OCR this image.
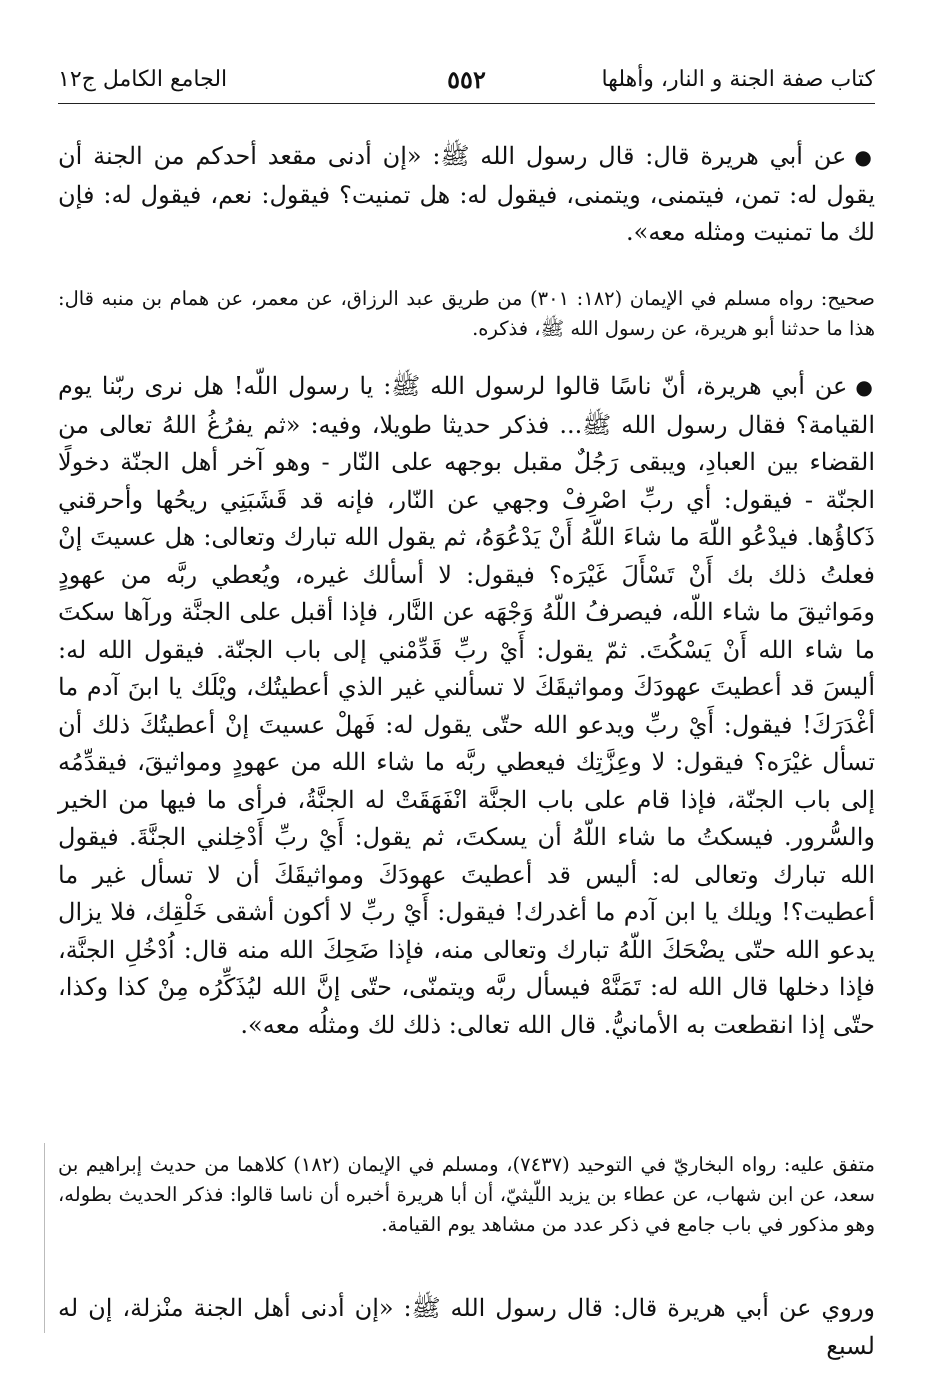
كتاب صفة الجنة و النار، وأهلها
٥٥٢
الجامع الكامل ج١٢
●عن أبي هريرة قال: قال رسول الله ﷺ: «إن أدنى مقعد أحدكم من الجنة أن يقول له: تمن، فيتمنى، ويتمنى، فيقول له: هل تمنيت؟ فيقول: نعم، فيقول له: فإن لك ما تمنيت ومثله معه».
صحيح: رواه مسلم في الإيمان (١٨٢: ٣٠١) من طريق عبد الرزاق، عن معمر، عن همام بن منبه قال: هذا ما حدثنا أبو هريرة، عن رسول الله ﷺ، فذكره.
●عن أبي هريرة، أنّ ناسًا قالوا لرسول الله ﷺ: يا رسول اللّه! هل نرى ربّنا يوم القيامة؟ فقال رسول الله ﷺ... فذكر حديثا طويلا، وفيه: «ثم يفرُغُ اللهُ تعالى من القضاء بين العبادِ، ويبقى رَجُلٌ مقبل بوجهه على النّار - وهو آخر أهل الجنّة دخولًا الجنّة - فيقول: أي ربِّ اصْرِفْ وجهي عن النّار، فإنه قد قَشَبَنِي ريحُها وأحرقني ذَكاؤُها. فيدْعُو اللّهَ ما شاءَ اللّهُ أَنْ يَدْعُوَهُ، ثم يقول الله تبارك وتعالى: هل عسيتَ إنْ فعلتُ ذلك بك أَنْ تَسْأَلَ غَيْرَه؟ فيقول: لا أسألك غيره، ويُعطي ربَّه من عهودٍ ومَواثيقَ ما شاء اللّه، فيصرفُ اللّهُ وَجْهَه عن النَّار، فإذا أقبل على الجنَّة ورآها سكتَ ما شاء الله أَنْ يَسْكُتَ. ثمّ يقول: أَيْ ربِّ قَدِّمْني إلى باب الجنّة. فيقول الله له: أليسَ قد أعطيتَ عهودَكَ ومواثيقَكَ لا تسألني غير الذي أعطيتُك، ويْلَك يا ابنَ آدم ما أغْدَرَكَ! فيقول: أَيْ ربِّ ويدعو الله حتّى يقول له: فَهلْ عسيتَ إنْ أعطيتُكَ ذلك أن تسأل غيْرَه؟ فيقول: لا وعِزَّتِك فيعطي ربَّه ما شاء الله من عهودٍ ومواثيقَ، فيقدِّمُه إلى باب الجنّة، فإذا قام على باب الجنَّة انْفَهَقَتْ له الجنَّةُ، فرأى ما فيها من الخير والسُّرور. فيسكتُ ما شاء اللّهُ أن يسكتَ، ثم يقول: أَيْ ربِّ أَدْخِلني الجنَّةَ. فيقول الله تبارك وتعالى له: أليس قد أعطيتَ عهودَكَ ومواثيقَكَ أن لا تسأل غير ما أعطيت؟! ويلك يا ابن آدم ما أغدرك! فيقول: أَيْ ربِّ لا أكون أشقى خَلْقِك، فلا يزال يدعو الله حتّى يضْحَكَ اللّهُ تبارك وتعالى منه، فإذا ضَحِكَ الله منه قال: اُدْخُلِ الجنَّة، فإذا دخلها قال الله له: تَمَنَّهْ فيسأل ربَّه ويتمنّى، حتّى إنَّ الله ليُذَكِّرُه مِنْ كذا وكذا، حتّى إذا انقطعت به الأمانيُّ. قال الله تعالى: ذلك لك ومثلُه معه».
متفق عليه: رواه البخاريّ في التوحيد (٧٤٣٧)، ومسلم في الإيمان (١٨٢) كلاهما من حديث إبراهيم بن سعد، عن ابن شهاب، عن عطاء بن يزيد اللّيثيّ، أن أبا هريرة أخبره أن ناسا قالوا: فذكر الحديث بطوله، وهو مذكور في باب جامع في ذكر عدد من مشاهد يوم القيامة.
وروي عن أبي هريرة قال: قال رسول الله ﷺ: «إن أدنى أهل الجنة منْزلة، إن له لسبع
